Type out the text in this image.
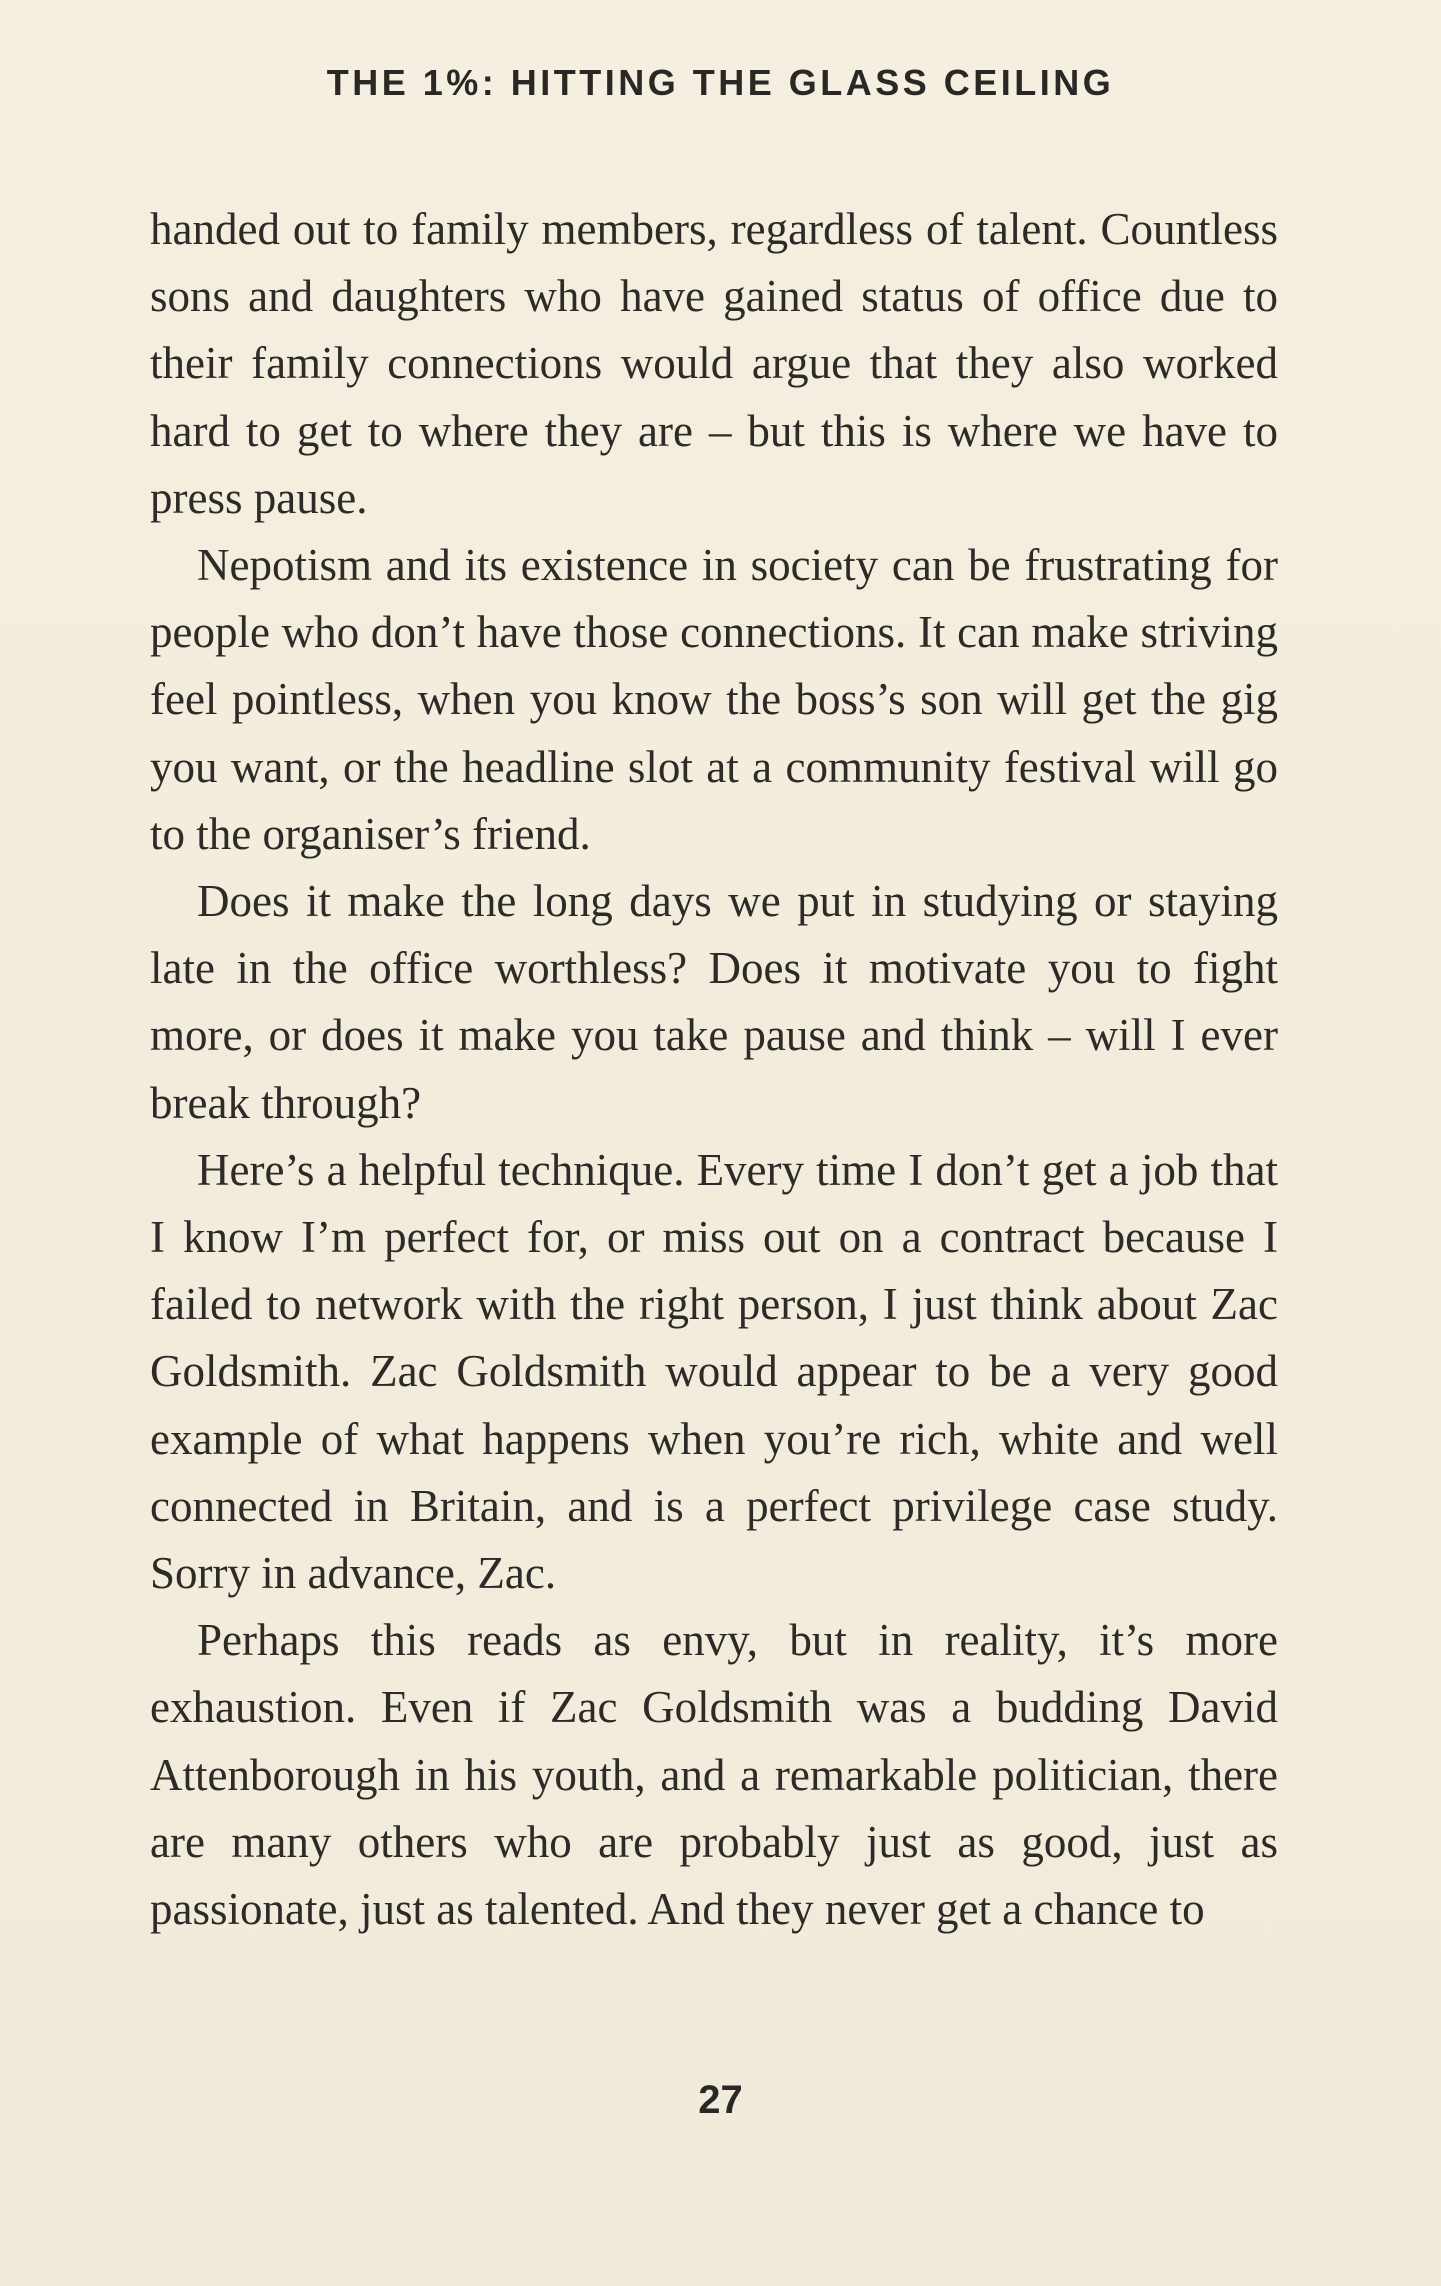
THE 1%: HITTING THE GLASS CEILING

handed out to family members, regardless of talent. Countless sons and daughters who have gained status of office due to their family connections would argue that they also worked hard to get to where they are – but this is where we have to press pause.

Nepotism and its existence in society can be frustrating for people who don’t have those connections. It can make striving feel pointless, when you know the boss’s son will get the gig you want, or the headline slot at a community festival will go to the organiser’s friend.

Does it make the long days we put in studying or staying late in the office worthless? Does it motivate you to fight more, or does it make you take pause and think – will I ever break through?

Here’s a helpful technique. Every time I don’t get a job that I know I’m perfect for, or miss out on a contract because I failed to network with the right person, I just think about Zac Goldsmith. Zac Goldsmith would appear to be a very good example of what happens when you’re rich, white and well connected in Britain, and is a perfect privilege case study. Sorry in advance, Zac.

Perhaps this reads as envy, but in reality, it’s more exhaustion. Even if Zac Goldsmith was a budding David Attenborough in his youth, and a remarkable politician, there are many others who are probably just as good, just as passionate, just as talented. And they never get a chance to

27
